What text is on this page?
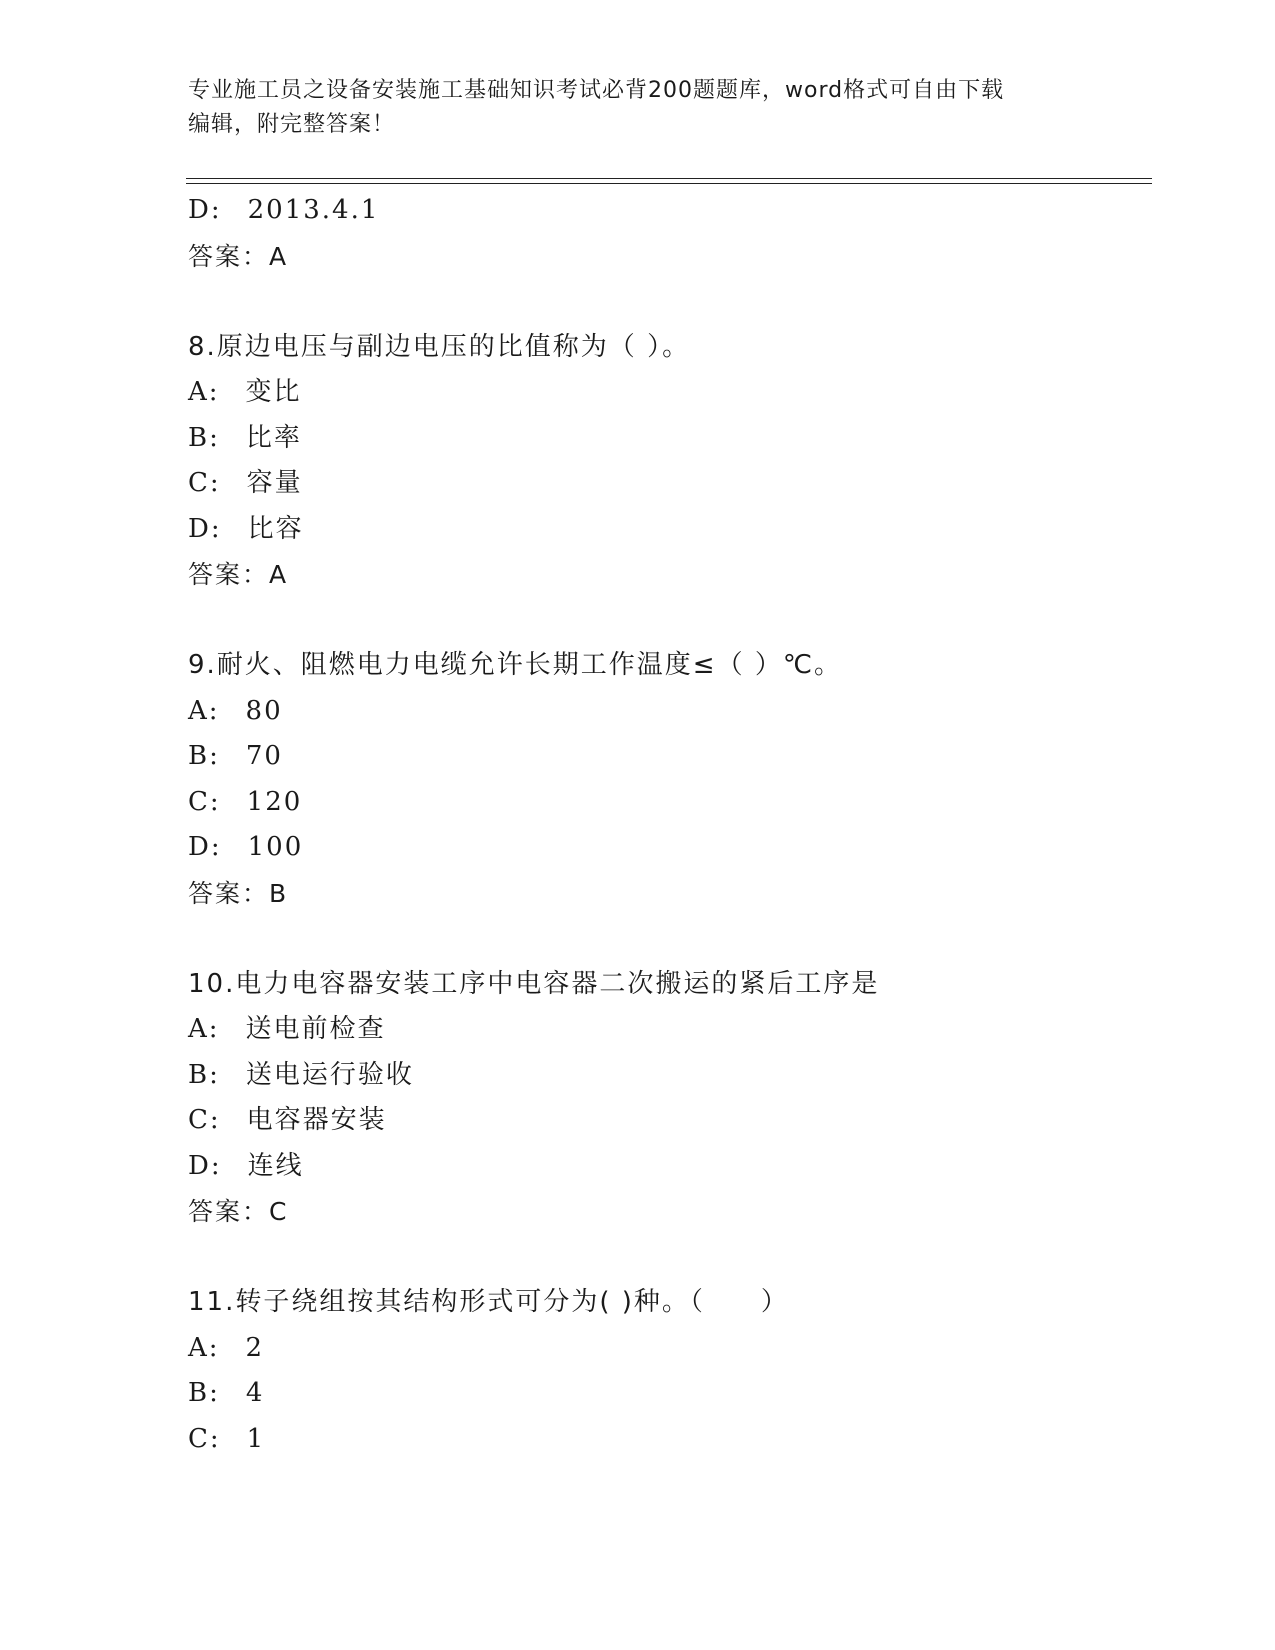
专业施工员之设备安装施工基础知识考试必背200题题库，word格式可自由下载
编辑，附完整答案！
D: 2013.4.1
答案：A
8.原边电压与副边电压的比值称为（ ）。
A: 变比
B: 比率
C: 容量
D: 比容
答案：A
9.耐火、阻燃电力电缆允许长期工作温度≤（ ）℃。
A: 80
B: 70
C: 120
D: 100
答案：B
10.电力电容器安装工序中电容器二次搬运的紧后工序是
A: 送电前检查
B: 送电运行验收
C: 电容器安装
D: 连线
答案：C
11.转子绕组按其结构形式可分为( )种。（　　）
A: 2
B: 4
C: 1
